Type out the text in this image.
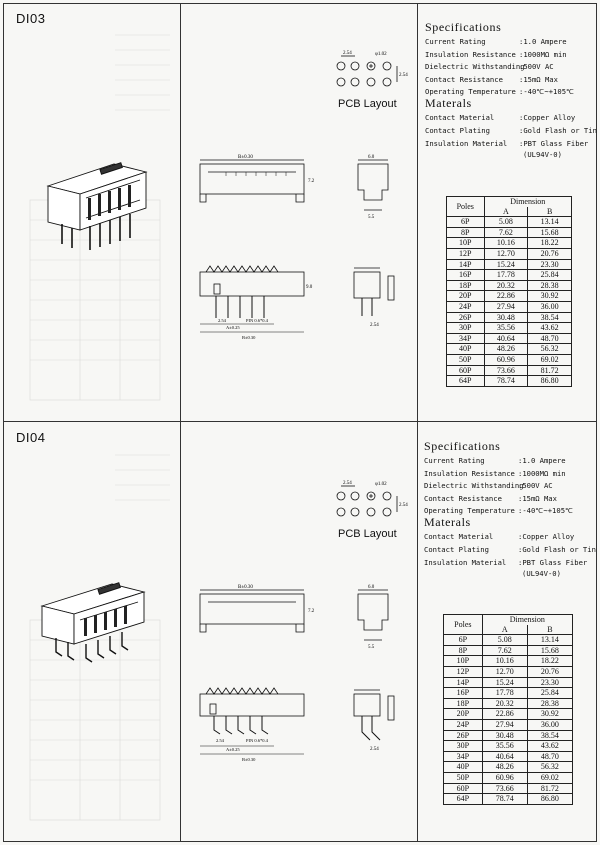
DI03
2.54	φ1.02
2.54
PCB Layout
B±0.30
7.2
6.0
5.5
2.54	PIN 0.6*0.4
A±0.25
B±0.30
9.0
2.54
Specifications
Current Rating	:1.0 Ampere
Insulation Resistance :1000MΩ min
Dielectric Withstanding
:500V AC
Contact Resistance :15mΩ Max
Operating Temperature :-40℃~+105℃
Materals
Contact Material	:Copper Alloy
Contact Plating	:Gold Flash or Tin
Insulation Material :PBT Glass Fiber
(UL94V-0)
Poles	Dimension	
	A	B
6P	5.08	13.14
8P	7.62	15.68
10P	10.16	18.22
12P	12.70	20.76
14P	15.24	23.30
16P	17.78	25.84
18P	20.32	28.38
20P	22.86	30.92
24P	27.94	36.00
26P	30.48	38.54
30P	35.56	43.62
34P	40.64	48.70
40P	48.26	56.32
50P	60.96	69.02
60P	73.66	81.72
64P	78.74	86.80
DI04
2.54	φ1.02
2.54
PCB Layout
B±0.30
7.2
6.0
5.5
2.54	PIN 0.6*0.4
A±0.25
B±0.30
2.54
Specifications
Current Rating	:1.0 Ampere
Insulation Resistance :1000MΩ min
Dielectric Withstanding
:500V AC
Contact Resistance :15mΩ Max
Operating Temperature :-40℃~+105℃
Materals
Contact Material	:Copper Alloy
Contact Plating	:Gold Flash or Tin
Insulation Material :PBT Glass Fiber
(UL94V-0)
Poles	Dimension	
	A	B
6P	5.08	13.14
8P	7.62	15.68
10P	10.16	18.22
12P	12.70	20.76
14P	15.24	23.30
16P	17.78	25.84
18P	20.32	28.38
20P	22.86	30.92
24P	27.94	36.00
26P	30.48	38.54
30P	35.56	43.62
34P	40.64	48.70
40P	48.26	56.32
50P	60.96	69.02
60P	73.66	81.72
64P	78.74	86.80
